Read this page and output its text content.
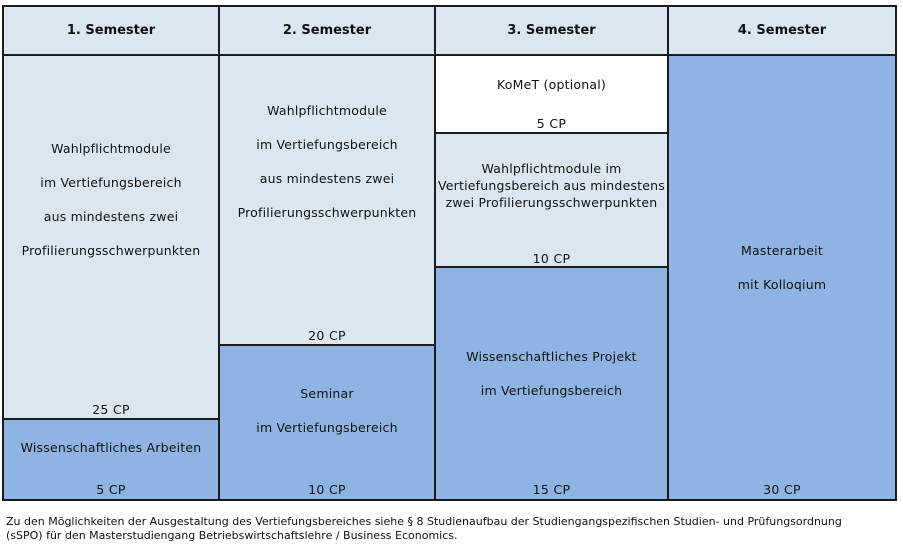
1. Semester	2. Semester	3. Semester	4. Semester
Wahlpflichtmodule
im Vertiefungsbereich
aus mindestens zwei
Profilierungsschwerpunkten
25 CP
Wissenschaftliches Arbeiten
5 CP
Wahlpflichtmodule
im Vertiefungsbereich
aus mindestens zwei
Profilierungsschwerpunkten
20 CP
Seminar
im Vertiefungsbereich
10 CP
KoMeT (optional)
5 CP
Wahlpflichtmodule im
Vertiefungsbereich aus mindestens
zwei Profilierungsschwerpunkten
10 CP
Wissenschaftliches Projekt
im Vertiefungsbereich
15 CP
Masterarbeit
mit Kolloqium
30 CP
Zu den Möglichkeiten der Ausgestaltung des Vertiefungsbereiches siehe § 8 Studienaufbau der Studiengangspezifischen Studien- und Prüfungsordnung
(sSPO) für den Masterstudiengang Betriebswirtschaftslehre / Business Economics.
